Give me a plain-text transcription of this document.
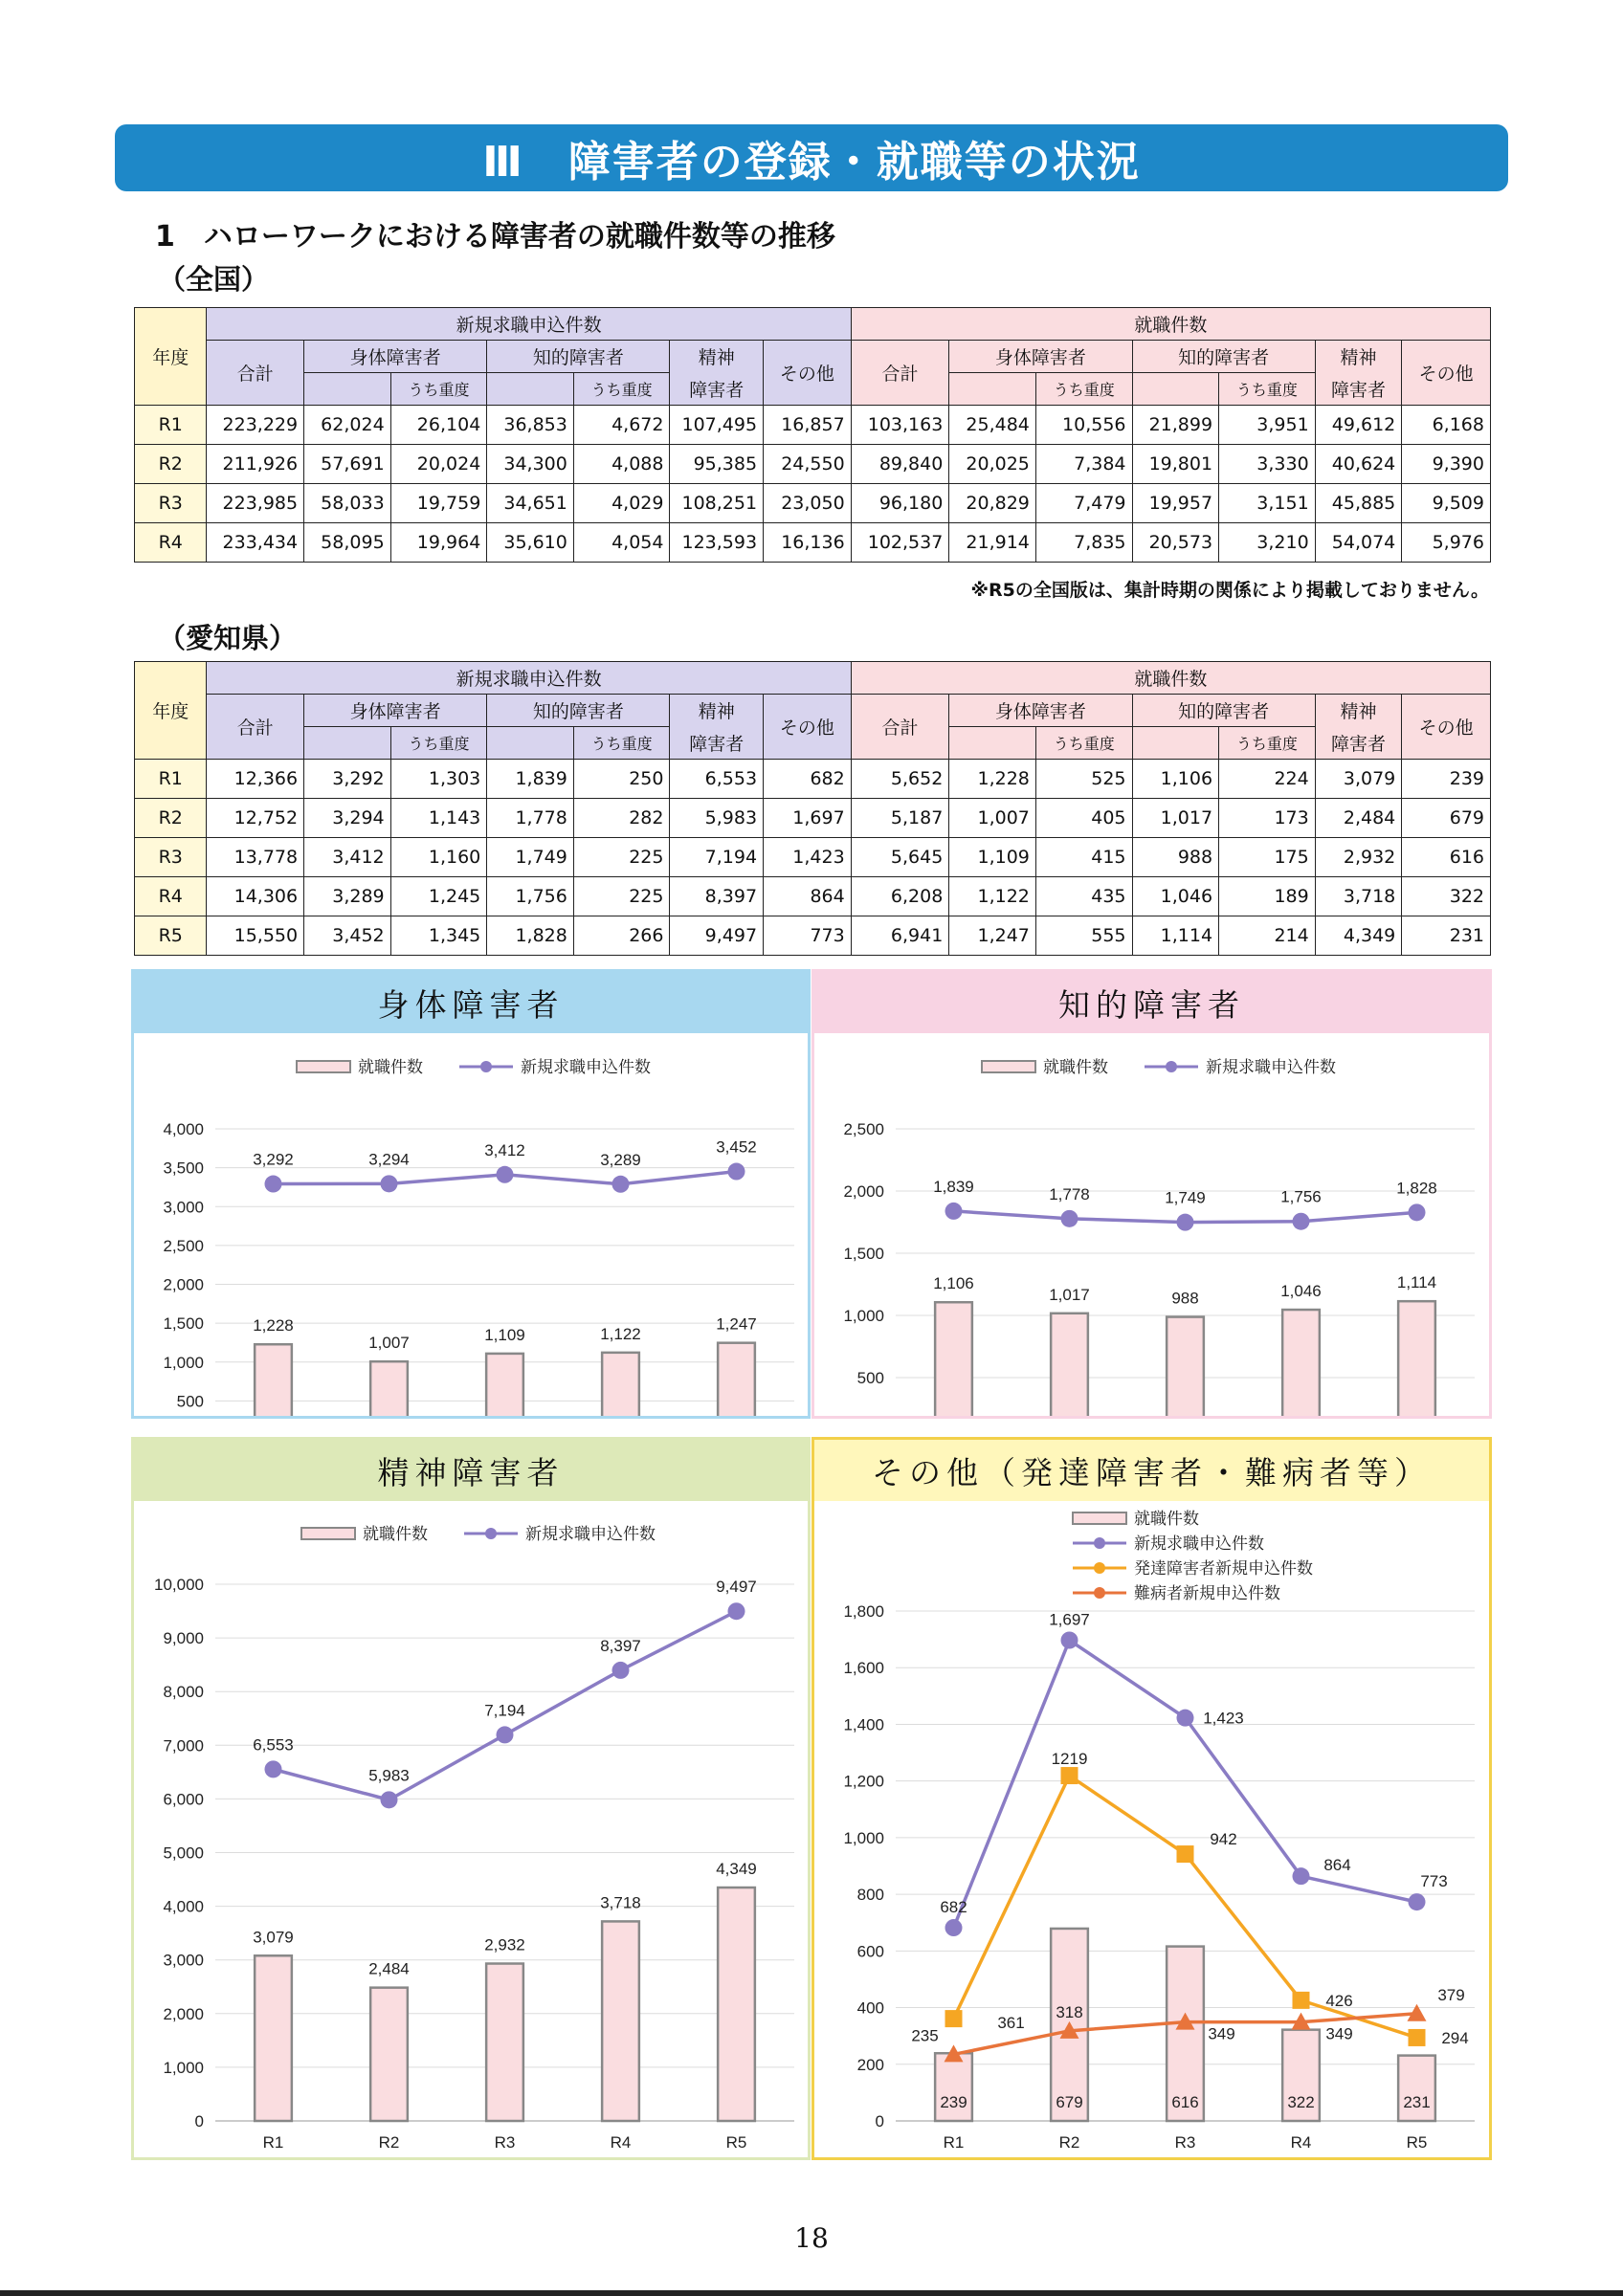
Ⅲ　障害者の登録・就職等の状況
1　ハローワークにおける障害者の就職件数等の推移
（全国）
年度	新規求職申込件数							就職件数						
	合計	身体障害者		知的障害者		精神	その他	合計	身体障害者		知的障害者		精神	その他
			うち重度		うち重度	障害者				うち重度		うち重度	障害者	
R1	223,229	62,024	26,104	36,853	4,672	107,495	16,857	103,163	25,484	10,556	21,899	3,951	49,612	6,168
R2	211,926	57,691	20,024	34,300	4,088	95,385	24,550	89,840	20,025	7,384	19,801	3,330	40,624	9,390
R3	223,985	58,033	19,759	34,651	4,029	108,251	23,050	96,180	20,829	7,479	19,957	3,151	45,885	9,509
R4	233,434	58,095	19,964	35,610	4,054	123,593	16,136	102,537	21,914	7,835	20,573	3,210	54,074	5,976
※R5の全国版は、集計時期の関係により掲載しておりません。
（愛知県）
年度	新規求職申込件数							就職件数						
	合計	身体障害者		知的障害者		精神	その他	合計	身体障害者		知的障害者		精神	その他
			うち重度		うち重度	障害者				うち重度		うち重度	障害者	
R1	12,366	3,292	1,303	1,839	250	6,553	682	5,652	1,228	525	1,106	224	3,079	239
R2	12,752	3,294	1,143	1,778	282	5,983	1,697	5,187	1,007	405	1,017	173	2,484	679
R3	13,778	3,412	1,160	1,749	225	7,194	1,423	5,645	1,109	415	988	175	2,932	616
R4	14,306	3,289	1,245	1,756	225	8,397	864	6,208	1,122	435	1,046	189	3,718	322
R5	15,550	3,452	1,345	1,828	266	9,497	773	6,941	1,247	555	1,114	214	4,349	231
身体障害者
500
1,000
1,500
2,000
2,500
3,000
3,500
4,000
就職件数	新規求職申込件数
1,228
1,007	1,109	1,122
1,247
3,292	3,294
3,412
3,289
3,452
知的障害者
500
1,000
1,500
2,000
2,500
就職件数	新規求職申込件数
1,106
1,017	988	1,046	1,114
1,839	1,778	1,749	1,756	1,828
精神障害者
0
1,000
2,000
3,000
4,000
5,000
6,000
7,000
8,000
9,000
10,000
R1	R2	R3	R4	R5
就職件数	新規求職申込件数
3,079
2,484
2,932
3,718
4,349
6,553
5,983
7,194
8,397
9,497
その他（発達障害者・難病者等）
0
200
400
600
800
1,000
1,200
1,400
1,600
1,800
R1	R2	R3	R4	R5
就職件数
新規求職申込件数
発達障害者新規申込件数
難病者新規申込件数
239	679	616	322	231
682
1,697
1,423
864
773
361
1219
942
426
294
235
318
349	349
379
18
